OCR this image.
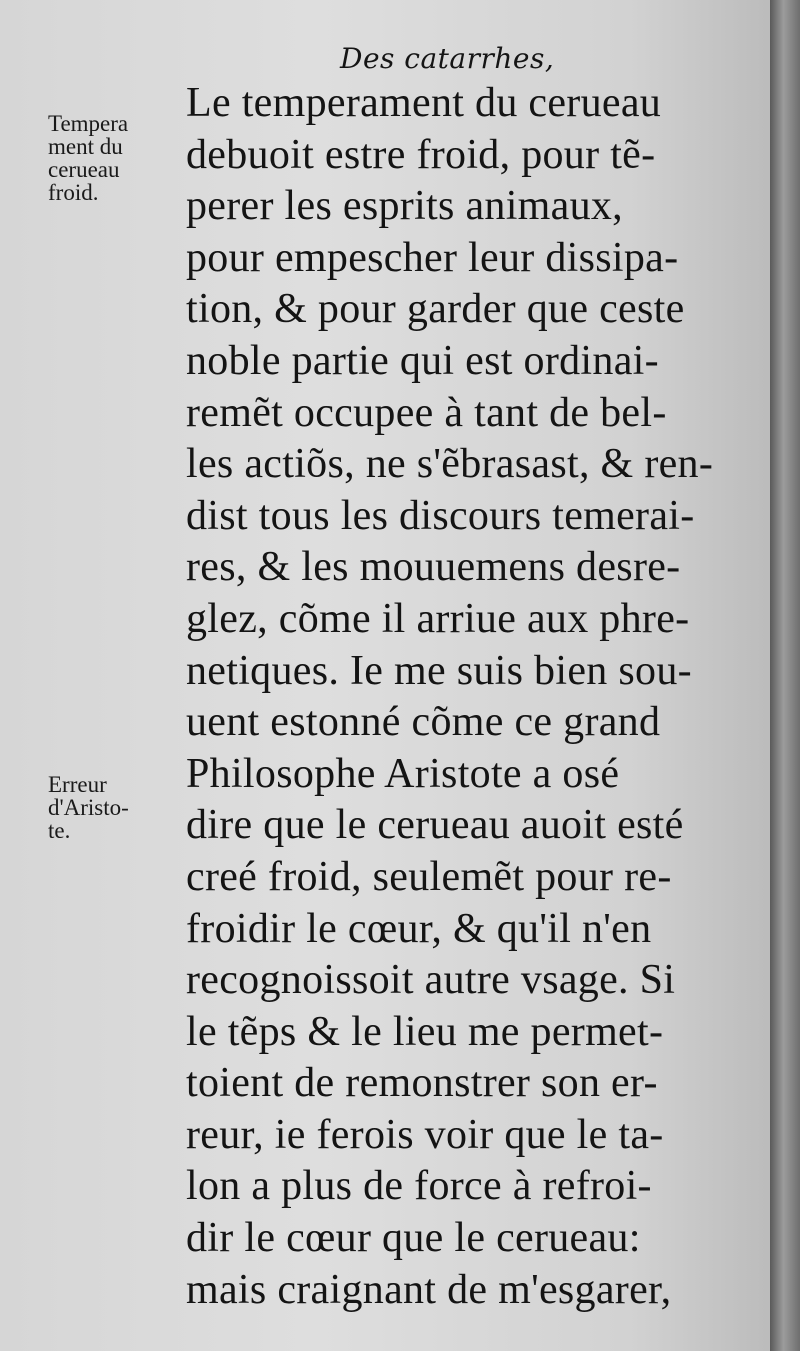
Des catarrhes,
Tempera
ment du
cerueau
froid.
Erreur
d'Aristo-
te.
Le temperament du cerueau
debuoit estre froid, pour tẽ-
perer les esprits animaux,
pour empescher leur dissipa-
tion, & pour garder que ceste
noble partie qui est ordinai-
remẽt occupee à tant de bel-
les actiõs, ne s'ẽbrasast, & ren-
dist tous les discours temerai-
res, & les mouuemens desre-
glez, cõme il arriue aux phre-
netiques. Ie me suis bien sou-
uent estonné cõme ce grand
Philosophe Aristote a osé
dire que le cerueau auoit esté
creé froid, seulemẽt pour re-
froidir le cœur, & qu'il n'en
recognoissoit autre vsage. Si
le tẽps & le lieu me permet-
toient de remonstrer son er-
reur, ie ferois voir que le ta-
lon a plus de force à refroi-
dir le cœur que le cerueau:
mais craignant de m'esgarer,
